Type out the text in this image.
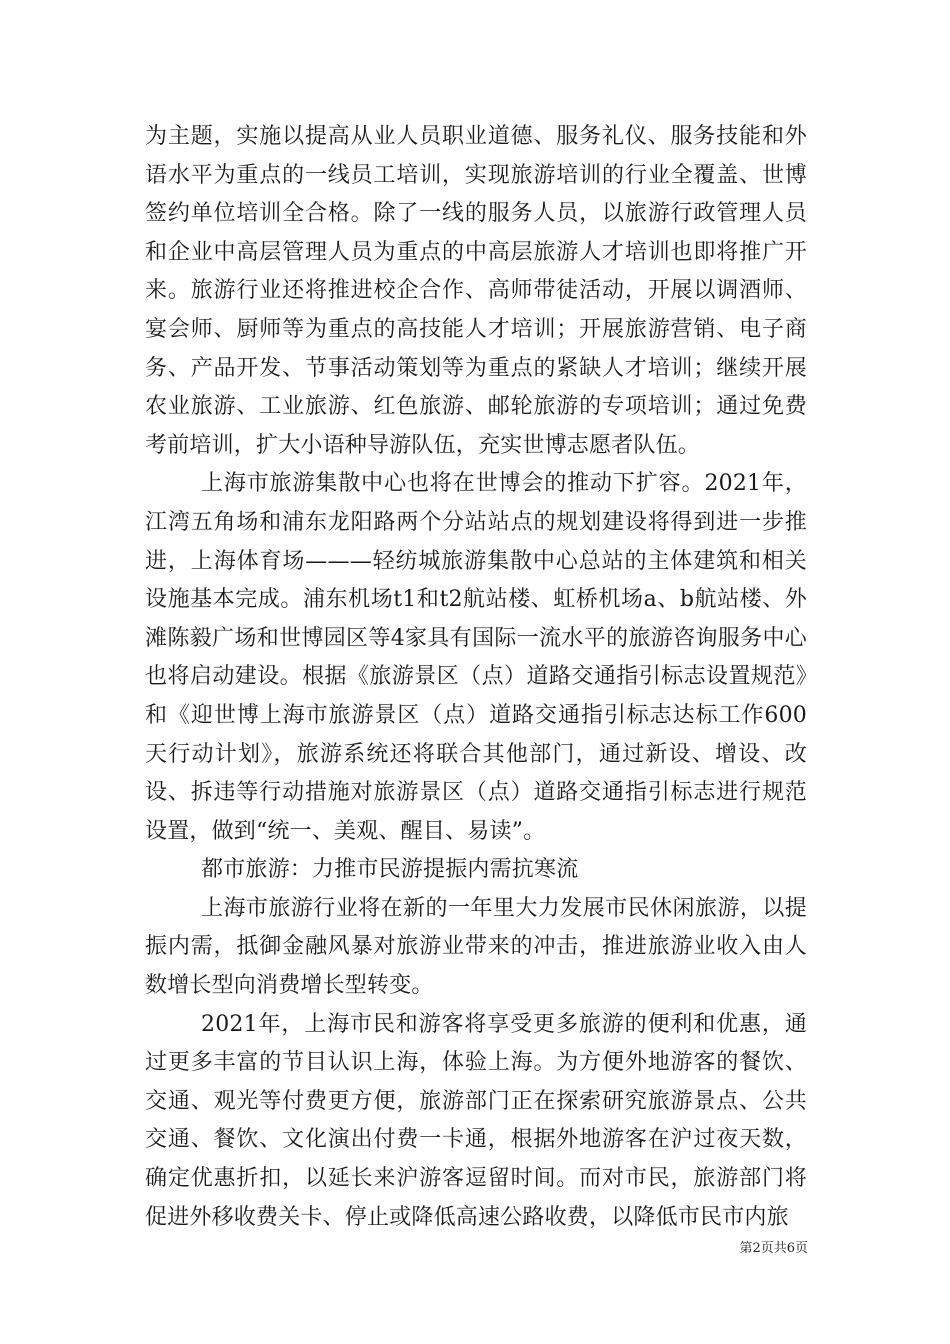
为主题，实施以提高从业人员职业道德、服务礼仪、服务技能和外语水平为重点的一线员工培训，实现旅游培训的行业全覆盖、世博签约单位培训全合格。除了一线的服务人员，以旅游行政管理人员和企业中高层管理人员为重点的中高层旅游人才培训也即将推广开来。旅游行业还将推进校企合作、高师带徒活动，开展以调酒师、宴会师、厨师等为重点的高技能人才培训；开展旅游营销、电子商务、产品开发、节事活动策划等为重点的紧缺人才培训；继续开展农业旅游、工业旅游、红色旅游、邮轮旅游的专项培训；通过免费考前培训，扩大小语种导游队伍，充实世博志愿者队伍。

上海市旅游集散中心也将在世博会的推动下扩容。2021年，江湾五角场和浦东龙阳路两个分站站点的规划建设将得到进一步推进，上海体育场———轻纺城旅游集散中心总站的主体建筑和相关设施基本完成。浦东机场t1和t2航站楼、虹桥机场a、b航站楼、外滩陈毅广场和世博园区等4家具有国际一流水平的旅游咨询服务中心也将启动建设。根据《旅游景区（点）道路交通指引标志设置规范》和《迎世博上海市旅游景区（点）道路交通指引标志达标工作600天行动计划》，旅游系统还将联合其他部门，通过新设、增设、改设、拆违等行动措施对旅游景区（点）道路交通指引标志进行规范设置，做到“统一、美观、醒目、易读”。

都市旅游：力推市民游提振内需抗寒流

上海市旅游行业将在新的一年里大力发展市民休闲旅游，以提振内需，抵御金融风暴对旅游业带来的冲击，推进旅游业收入由人数增长型向消费增长型转变。

2021年，上海市民和游客将享受更多旅游的便利和优惠，通过更多丰富的节目认识上海，体验上海。为方便外地游客的餐饮、交通、观光等付费更方便，旅游部门正在探索研究旅游景点、公共交通、餐饮、文化演出付费一卡通，根据外地游客在沪过夜天数，确定优惠折扣，以延长来沪游客逗留时间。而对市民，旅游部门将促进外移收费关卡、停止或降低高速公路收费，以降低市民市内旅

第2页共6页
